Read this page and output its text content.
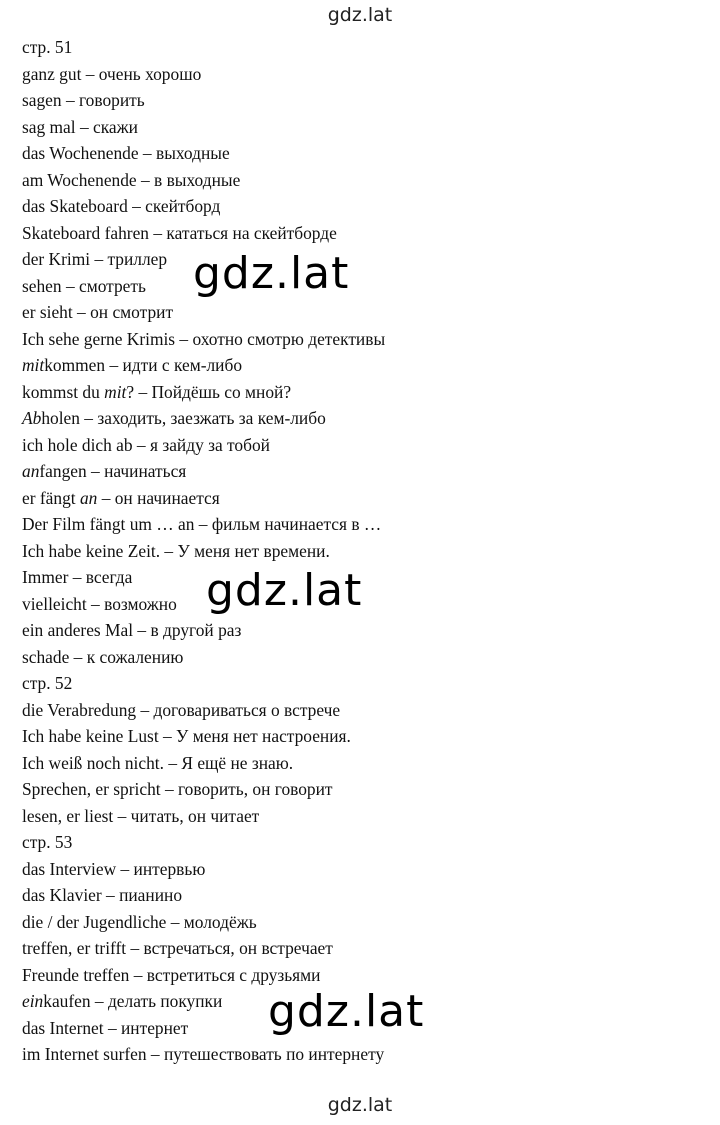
gdz.lat
стр. 51
ganz gut – очень хорошо
sagen – говорить
sag mal – скажи
das Wochenende – выходные
am Wochenende – в выходные
das Skateboard – скейтборд
Skateboard fahren – кататься на скейтборде
der Krimi – триллер
sehen – смотреть
er sieht – он смотрит
Ich sehe gerne Krimis – охотно смотрю детективы
mitkommen – идти с кем-либо
kommst du mit? – Пойдёшь со мной?
Abholen – заходить, заезжать за кем-либо
ich hole dich ab – я зайду за тобой
anfangen – начинаться
er fängt an – он начинается
Der Film fängt um … an – фильм начинается в …
Ich habe keine Zeit. – У меня нет времени.
Immer – всегда
vielleicht – возможно
ein anderes Mal – в другой раз
schade – к сожалению
стр. 52
die Verabredung – договариваться о встрече
Ich habe keine Lust – У меня нет настроения.
Ich weiß noch nicht. – Я ещё не знаю.
Sprechen, er spricht – говорить, он говорит
lesen, er liest – читать, он читает
стр. 53
das Interview – интервью
das Klavier – пианино
die / der Jugendliche – молодёжь
treffen, er trifft – встречаться, он встречает
Freunde treffen – встретиться с друзьями
einkaufen – делать покупки
das Internet – интернет
im Internet surfen – путешествовать по интернету
gdz.lat
gdz.lat
gdz.lat
gdz.lat
